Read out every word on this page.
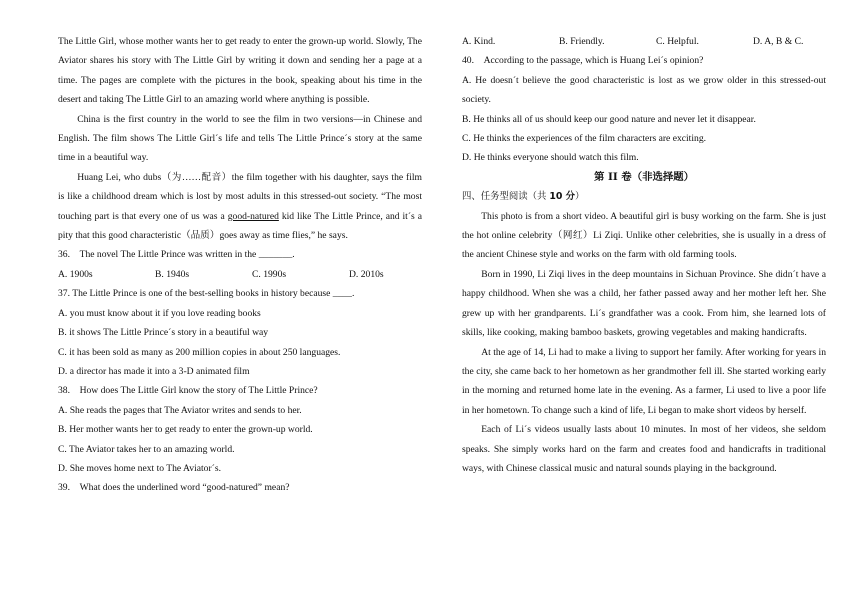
The Little Girl, whose mother wants her to get ready to enter the grown-up world. Slowly, The Aviator shares his story with The Little Girl by writing it down and sending her a page at a time. The pages are complete with the pictures in the book, speaking about his time in the desert and taking The Little Girl to an amazing world where anything is possible.

China is the first country in the world to see the film in two versions—in Chinese and English. The film shows The Little Girl´s life and tells The Little Prince´s story at the same time in a beautiful way.

Huang Lei, who dubs（为……配音）the film together with his daughter, says the film is like a childhood dream which is lost by most adults in this stressed-out society. “The most touching part is that every one of us was a good-natured kid like The Little Prince, and it´s a pity that this good characteristic（品质）goes away as time flies,” he says.

36. The novel The Little Prince was written in the _______.

A. 1900s	B. 1940s	C. 1990s	D. 2010s

37. The Little Prince is one of the best-selling books in history because ____.

A. you must know about it if you love reading books

B. it shows The Little Prince´s story in a beautiful way

C. it has been sold as many as 200 million copies in about 250 languages.

D. a director has made it into a 3-D animated film

38. How does The Little Girl know the story of The Little Prince?

A. She reads the pages that The Aviator writes and sends to her.

B. Her mother wants her to get ready to enter the grown-up world.

C. The Aviator takes her to an amazing world.

D. She moves home next to The Aviator´s.

39. What does the underlined word “good-natured” mean?

A. Kind.	B. Friendly.	C. Helpful.	D. A, B & C.

40. According to the passage, which is Huang Lei´s opinion?

A. He doesn´t believe the good characteristic is lost as we grow older in this stressed-out society.

B. He thinks all of us should keep our good nature and never let it disappear.

C. He thinks the experiences of the film characters are exciting.

D. He thinks everyone should watch this film.

第 II 卷（非选择题）

四、任务型阅读（共 10 分）

This photo is from a short video. A beautiful girl is busy working on the farm. She is just the hot online celebrity（网红）Li Ziqi. Unlike other celebrities, she is usually in a dress of the ancient Chinese style and works on the farm with old farming tools.

Born in 1990, Li Ziqi lives in the deep mountains in Sichuan Province. She didn´t have a happy childhood. When she was a child, her father passed away and her mother left her. She grew up with her grandparents. Li´s grandfather was a cook. From him, she learned lots of skills, like cooking, making bamboo baskets, growing vegetables and making handicrafts.

At the age of 14, Li had to make a living to support her family. After working for years in the city, she came back to her hometown as her grandmother fell ill. She started working early in the morning and returned home late in the evening. As a farmer, Li used to live a poor life in her hometown. To change such a kind of life, Li began to make short videos by herself.

Each of Li´s videos usually lasts about 10 minutes. In most of her videos, she seldom speaks. She simply works hard on the farm and creates food and handicrafts in traditional ways, with Chinese classical music and natural sounds playing in the background.
